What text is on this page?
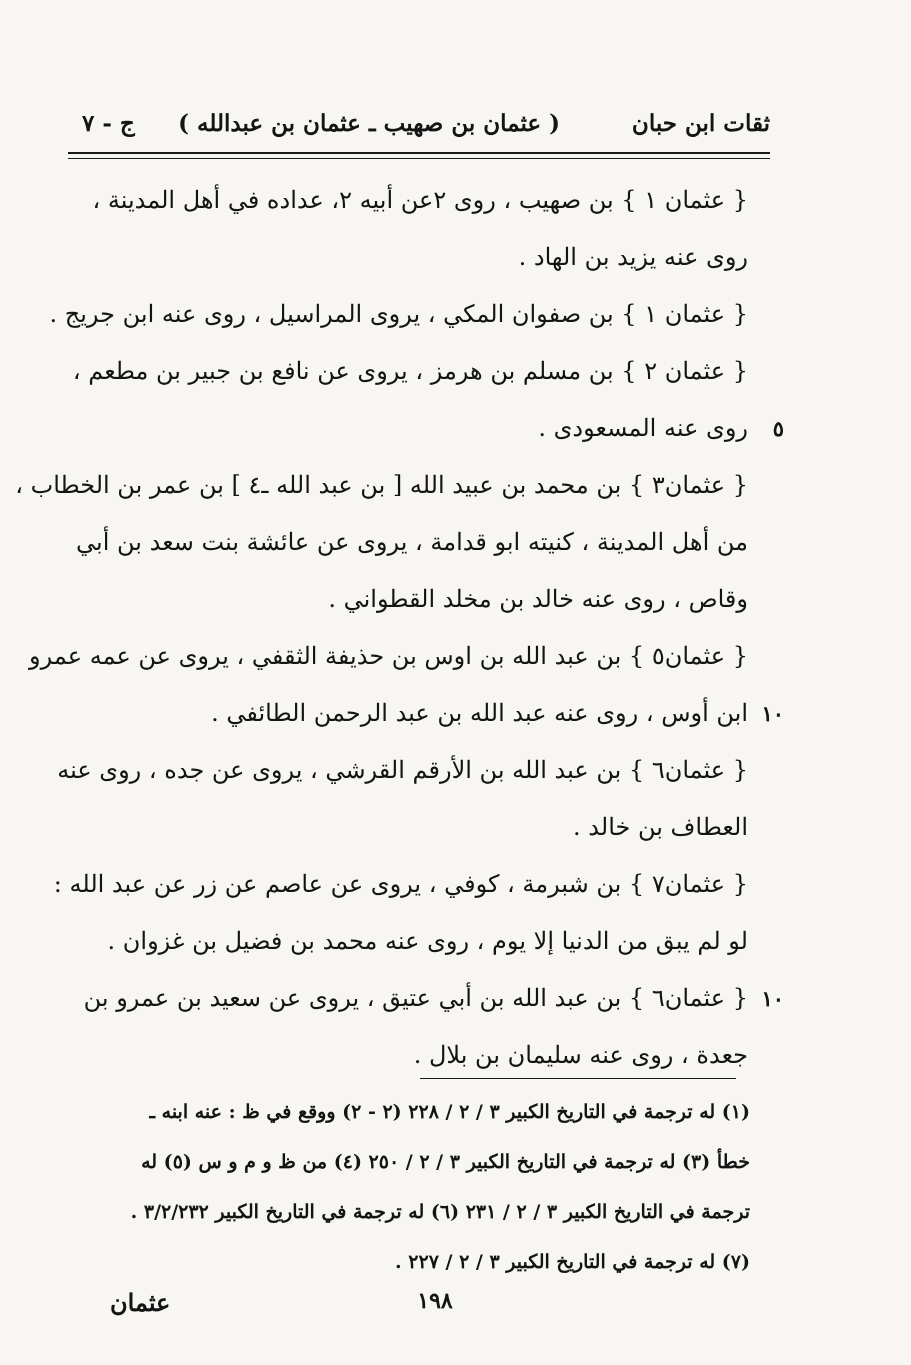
ثقات ابن حبان
( عثمان بن صهيب ـ عثمان بن عبدالله )
ج - ٧
{ عثمان ١ } بن صهيب ، روى ٢عن أبيه ٢، عداده في أهل المدينة ،
روى عنه يزيد بن الهاد .
{ عثمان ١ } بن صفوان المكي ، يروى المراسيل ، روى عنه ابن جريج .
{ عثمان ٢ } بن مسلم بن هرمز ، يروى عن نافع بن جبير بن مطعم ،
٥
روى عنه المسعودى .
{ عثمان٣ } بن محمد بن عبيد الله [ بن عبد الله ـ٤ ] بن عمر بن الخطاب ،
من أهل المدينة ، كنيته ابو قدامة ، يروى عن عائشة بنت سعد بن أبي
وقاص ، روى عنه خالد بن مخلد القطواني .
{ عثمان٥ } بن عبد الله بن اوس بن حذيفة الثقفي ، يروى عن عمه عمرو
١٠
ابن أوس ، روى عنه عبد الله بن عبد الرحمن الطائفي .
{ عثمان٦ } بن عبد الله بن الأرقم القرشي ، يروى عن جده ، روى عنه
العطاف بن خالد .
{ عثمان٧ } بن شبرمة ، كوفي ، يروى عن عاصم عن زر عن عبد الله :
لو لم يبق من الدنيا إلا يوم ، روى عنه محمد بن فضيل بن غزوان .
١٠
{ عثمان٦ } بن عبد الله بن أبي عتيق ، يروى عن سعيد بن عمرو بن
جعدة ، روى عنه سليمان بن بلال .
(١) له ترجمة في التاريخ الكبير ٣ / ٢ / ٢٢٨ (٢ - ٢) ووقع في ظ : عنه ابنه ـ
خطأ (٣) له ترجمة في التاريخ الكبير ٣ / ٢ / ٢٥٠ (٤) من ظ و م و س (٥) له
ترجمة في التاريخ الكبير ٣ / ٢ / ٢٣١ (٦) له ترجمة في التاريخ الكبير ٣/٢/٢٣٢ .
(٧) له ترجمة في التاريخ الكبير ٣ / ٢ / ٢٢٧ .
١٩٨
عثمان
